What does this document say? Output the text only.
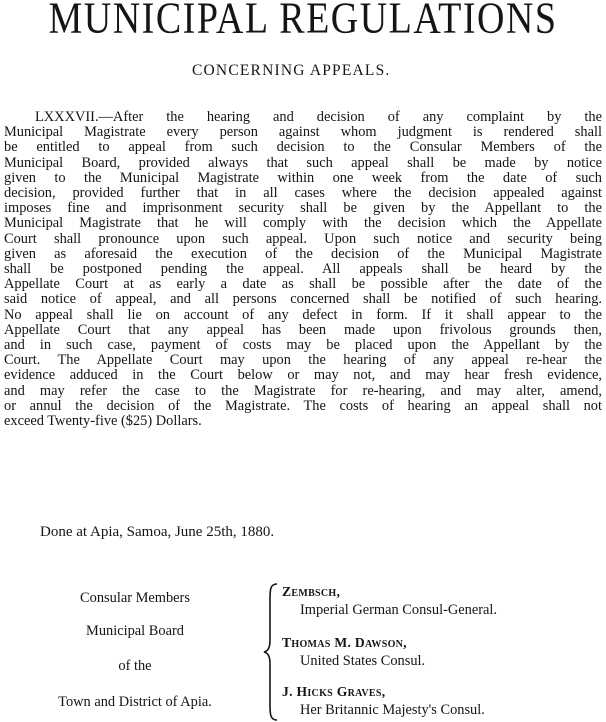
MUNICIPAL REGULATIONS
CONCERNING APPEALS.
LXXXVII.—After the hearing and decision of any complaint by the
Municipal Magistrate every person against whom judgment is rendered shall
be entitled to appeal from such decision to the Consular Members of the
Municipal Board, provided always that such appeal shall be made by notice
given to the Municipal Magistrate within one week from the date of such
decision, provided further that in all cases where the decision appealed against
imposes fine and imprisonment security shall be given by the Appellant to the
Municipal Magistrate that he will comply with the decision which the Appellate
Court shall pronounce upon such appeal. Upon such notice and security being
given as aforesaid the execution of the decision of the Municipal Magistrate
shall be postponed pending the appeal. All appeals shall be heard by the
Appellate Court at as early a date as shall be possible after the date of the
said notice of appeal, and all persons concerned shall be notified of such hearing.
No appeal shall lie on account of any defect in form. If it shall appear to the
Appellate Court that any appeal has been made upon frivolous grounds then,
and in such case, payment of costs may be placed upon the Appellant by the
Court. The Appellate Court may upon the hearing of any appeal re-hear the
evidence adduced in the Court below or may not, and may hear fresh evidence,
and may refer the case to the Magistrate for re-hearing, and may alter, amend,
or annul the decision of the Magistrate. The costs of hearing an appeal shall not
exceed Twenty-five ($25) Dollars.
Done at Apia, Samoa, June 25th, 1880.
Consular Members
Municipal Board
of the
Town and District of Apia.
Zembsch,
Imperial German Consul-General.
Thomas M. Dawson,
United States Consul.
J. Hicks Graves,
Her Britannic Majesty's Consul.
